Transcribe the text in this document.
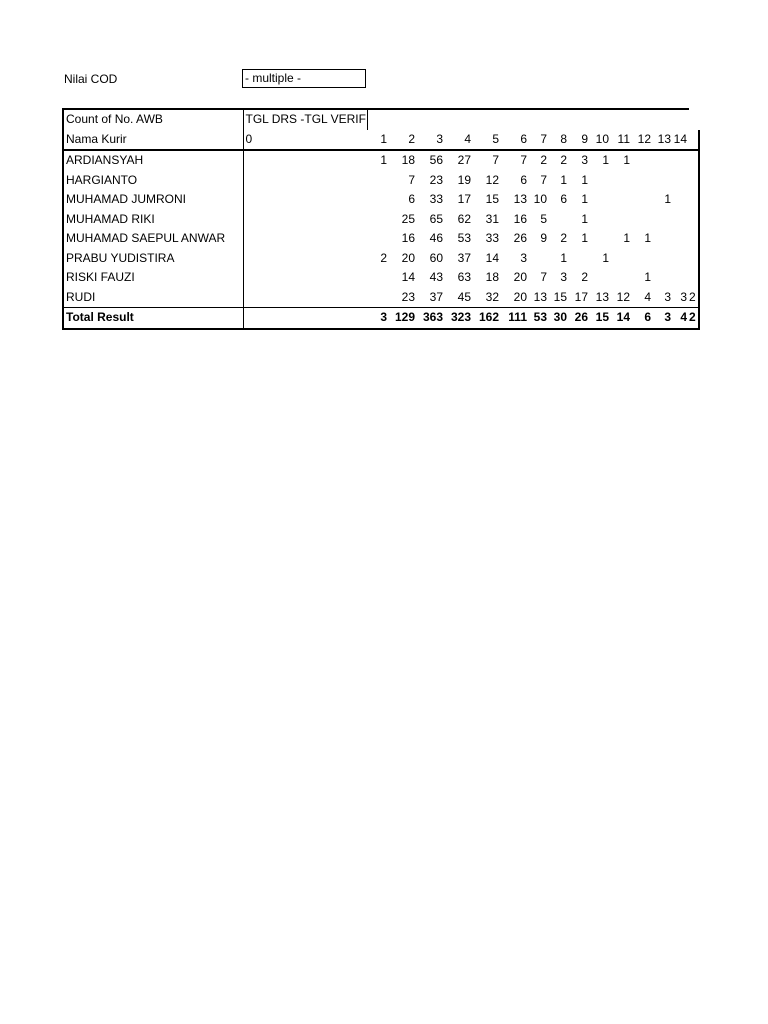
Nilai COD	- multiple -
Count of No. AWB	TGL DRS -TGL VERIF															
Nama Kurir	0	1	2	3	4	5	6	7	8	9	10	11	12	13	14	
ARDIANSYAH		1	18	56	27	7	7	2	2	3	1	1				
HARGIANTO			7	23	19	12	6	7	1	1						
MUHAMAD JUMRONI			6	33	17	15	13	10	6	1				1		
MUHAMAD RIKI			25	65	62	31	16	5		1						
MUHAMAD SAEPUL ANWAR			16	46	53	33	26	9	2	1		1	1			
PRABU YUDISTIRA		2	20	60	37	14	3		1		1					
RISKI FAUZI			14	43	63	18	20	7	3	2			1			
RUDI			23	37	45	32	20	13	15	17	13	12	4	3	3	2
Total Result		3	129	363	323	162	111	53	30	26	15	14	6	3	4	2
